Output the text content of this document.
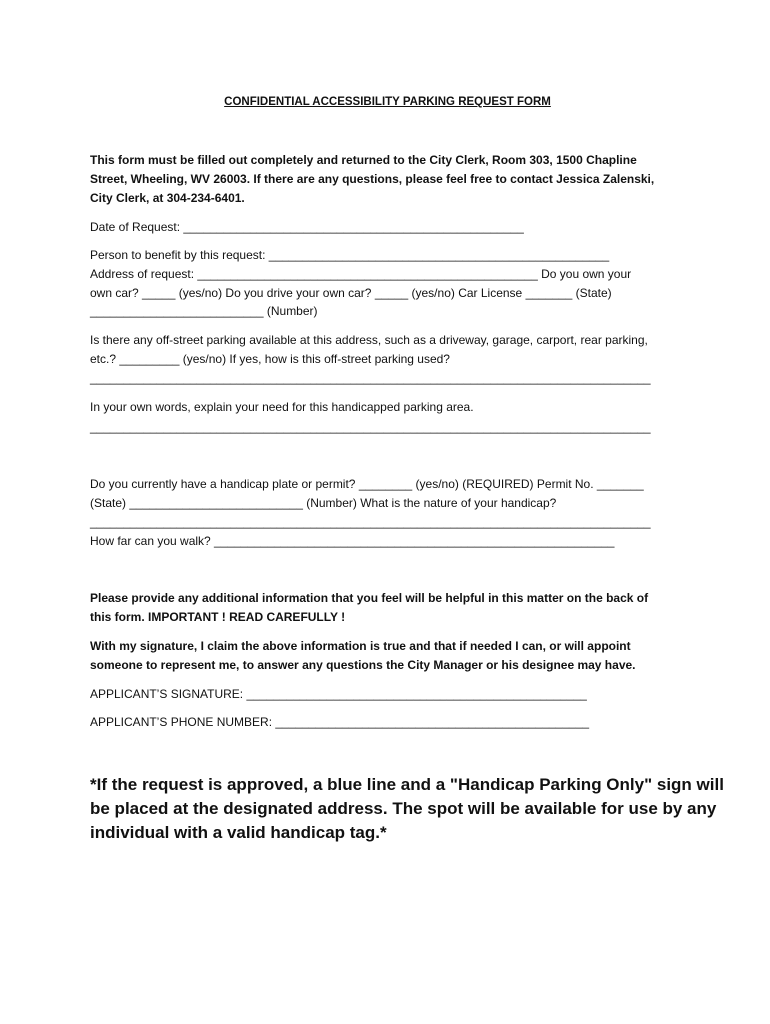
CONFIDENTIAL ACCESSIBILITY PARKING REQUEST FORM

This form must be filled out completely and returned to the City Clerk, Room 303, 1500 Chapline

Street, Wheeling, WV 26003. If there are any questions, please feel free to contact Jessica Zalenski,

City Clerk, at 304-234-6401.

Date of Request: ___________________________________________________

Person to benefit by this request: ___________________________________________________

Address of request: ___________________________________________________ Do you own your

own car? _____ (yes/no) Do you drive your own car? _____ (yes/no) Car License _______ (State)

__________________________ (Number)

Is there any off-street parking available at this address, such as a driveway, garage, carport, rear parking,

etc.? _________ (yes/no) If yes, how is this off-street parking used?

____________________________________________________________________________________

In your own words, explain your need for this handicapped parking area.

____________________________________________________________________________________

Do you currently have a handicap plate or permit? ________ (yes/no) (REQUIRED) Permit No. _______

(State) __________________________ (Number) What is the nature of your handicap?

____________________________________________________________________________________

How far can you walk? ____________________________________________________________

Please provide any additional information that you feel will be helpful in this matter on the back of

this form. IMPORTANT ! READ CAREFULLY !

With my signature, I claim the above information is true and that if needed I can, or will appoint

someone to represent me, to answer any questions the City Manager or his designee may have.

APPLICANT’S SIGNATURE: ___________________________________________________

APPLICANT’S PHONE NUMBER: _______________________________________________

*If the request is approved, a blue line and a "Handicap Parking Only" sign will

be placed at the designated address. The spot will be available for use by any

individual with a valid handicap tag.*
